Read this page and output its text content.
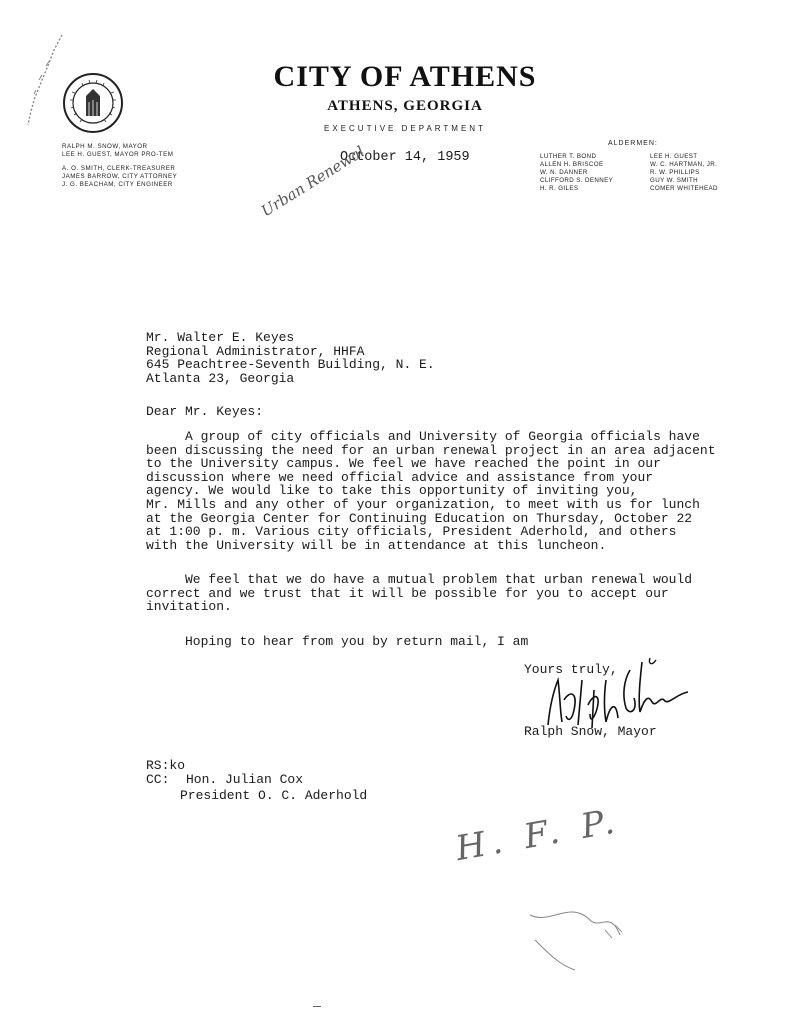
CITY OF ATHENS
ATHENS, GEORGIA
EXECUTIVE DEPARTMENT
RALPH M. SNOW, MAYOR
LEE H. GUEST, MAYOR PRO-TEM
A. O. SMITH, CLERK-TREASURER
JAMES BARROW, CITY ATTORNEY
J. G. BEACHAM, CITY ENGINEER
October 14, 1959
ALDERMEN:
LUTHER T. BOND
ALLEN H. BRISCOE
W. N. DANNER
CLIFFORD S. DENNEY
H. R. GILES
LEE H. GUEST
W. C. HARTMAN, JR.
R. W. PHILLIPS
GUY W. SMITH
COMER WHITEHEAD
Urban Renewal
Mr. Walter E. Keyes
Regional Administrator, HHFA
645 Peachtree-Seventh Building, N. E.
Atlanta 23, Georgia
Dear Mr. Keyes:
A group of city officials and University of Georgia officials have
been discussing the need for an urban renewal project in an area adjacent
to the University campus. We feel we have reached the point in our
discussion where we need official advice and assistance from your
agency. We would like to take this opportunity of inviting you,
Mr. Mills and any other of your organization, to meet with us for lunch
at the Georgia Center for Continuing Education on Thursday, October 22
at 1:00 p. m. Various city officials, President Aderhold, and others
with the University will be in attendance at this luncheon.
We feel that we do have a mutual problem that urban renewal would
correct and we trust that it will be possible for you to accept our
invitation.
Hoping to hear from you by return mail, I am
Yours truly,
Ralph Snow, Mayor
RS:ko
CC: Hon. Julian Cox
President O. C. Aderhold
H. F. P.
